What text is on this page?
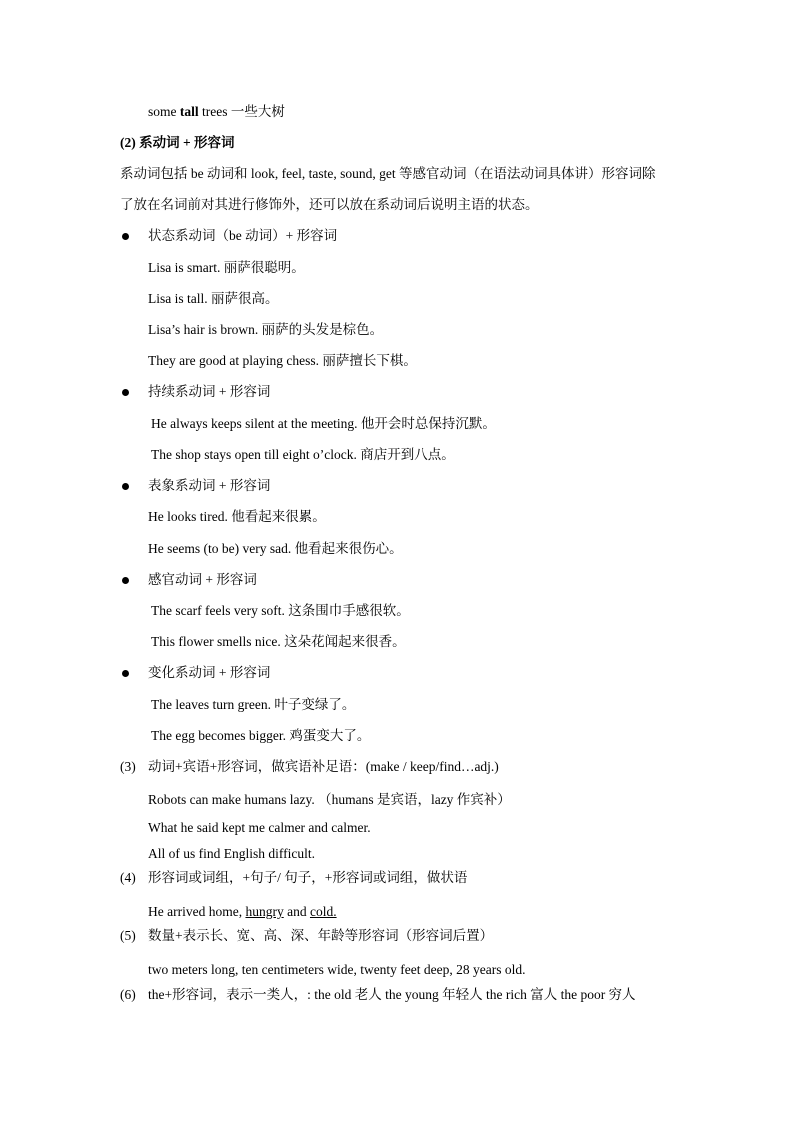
some tall trees 一些大树
(2) 系动词 + 形容词
系动词包括 be 动词和 look, feel, taste, sound, get 等感官动词（在语法动词具体讲）形容词除
了放在名词前对其进行修饰外，还可以放在系动词后说明主语的状态。
状态系动词（be 动词）+ 形容词
Lisa is smart. 丽萨很聪明。
Lisa is tall. 丽萨很高。
Lisa’s hair is brown. 丽萨的头发是棕色。
They are good at playing chess. 丽萨擅长下棋。
持续系动词 + 形容词
He always keeps silent at the meeting. 他开会时总保持沉默。
The shop stays open till eight o’clock. 商店开到八点。
表象系动词 + 形容词
He looks tired. 他看起来很累。
He seems (to be) very sad. 他看起来很伤心。
感官动词 + 形容词
The scarf feels very soft. 这条围巾手感很软。
This flower smells nice. 这朵花闻起来很香。
变化系动词 + 形容词
The leaves turn green. 叶子变绿了。
The egg becomes bigger. 鸡蛋变大了。
(3) 动词+宾语+形容词，做宾语补足语：(make / keep/find…adj.)
Robots can make humans lazy. （humans 是宾语，lazy 作宾补）
What he said kept me calmer and calmer.
All of us find English difficult.
(4) 形容词或词组，+句子/ 句子，+形容词或词组，做状语
He arrived home, hungry and cold.
(5) 数量+表示长、宽、高、深、年龄等形容词（形容词后置）
two meters long, ten centimeters wide, twenty feet deep, 28 years old.
(6) the+形容词，表示一类人，: the old 老人 the young 年轻人 the rich 富人 the poor 穷人
